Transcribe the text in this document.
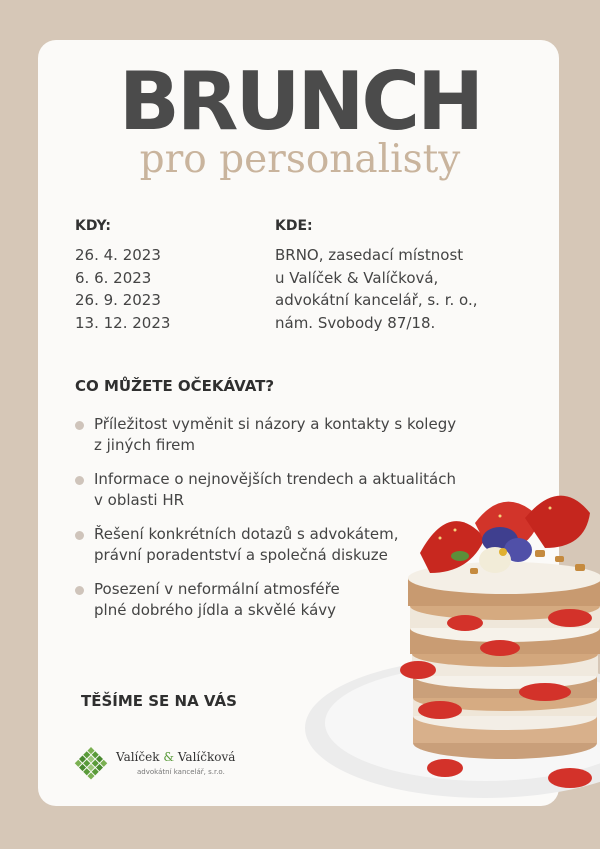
BRUNCH
pro personalisty
KDY:
26. 4. 2023
6. 6. 2023
26. 9. 2023
13. 12. 2023
KDE:
BRNO, zasedací místnost
u Valíček & Valíčková,
advokátní kancelář, s. r. o.,
nám. Svobody 87/18.
CO MŮŽETE OČEKÁVAT?
Příležitost vyměnit si názory a kontakty s kolegy
z jiných firem
Informace o nejnovějších trendech a aktualitách
v oblasti HR
Řešení konkrétních dotazů s advokátem,
právní poradentství a společná diskuze
Posezení v neformální atmosféře
plné dobrého jídla a skvělé kávy
TĚŠÍME SE NA VÁS
Valíček & Valíčková
advokátní kancelář, s.r.o.
